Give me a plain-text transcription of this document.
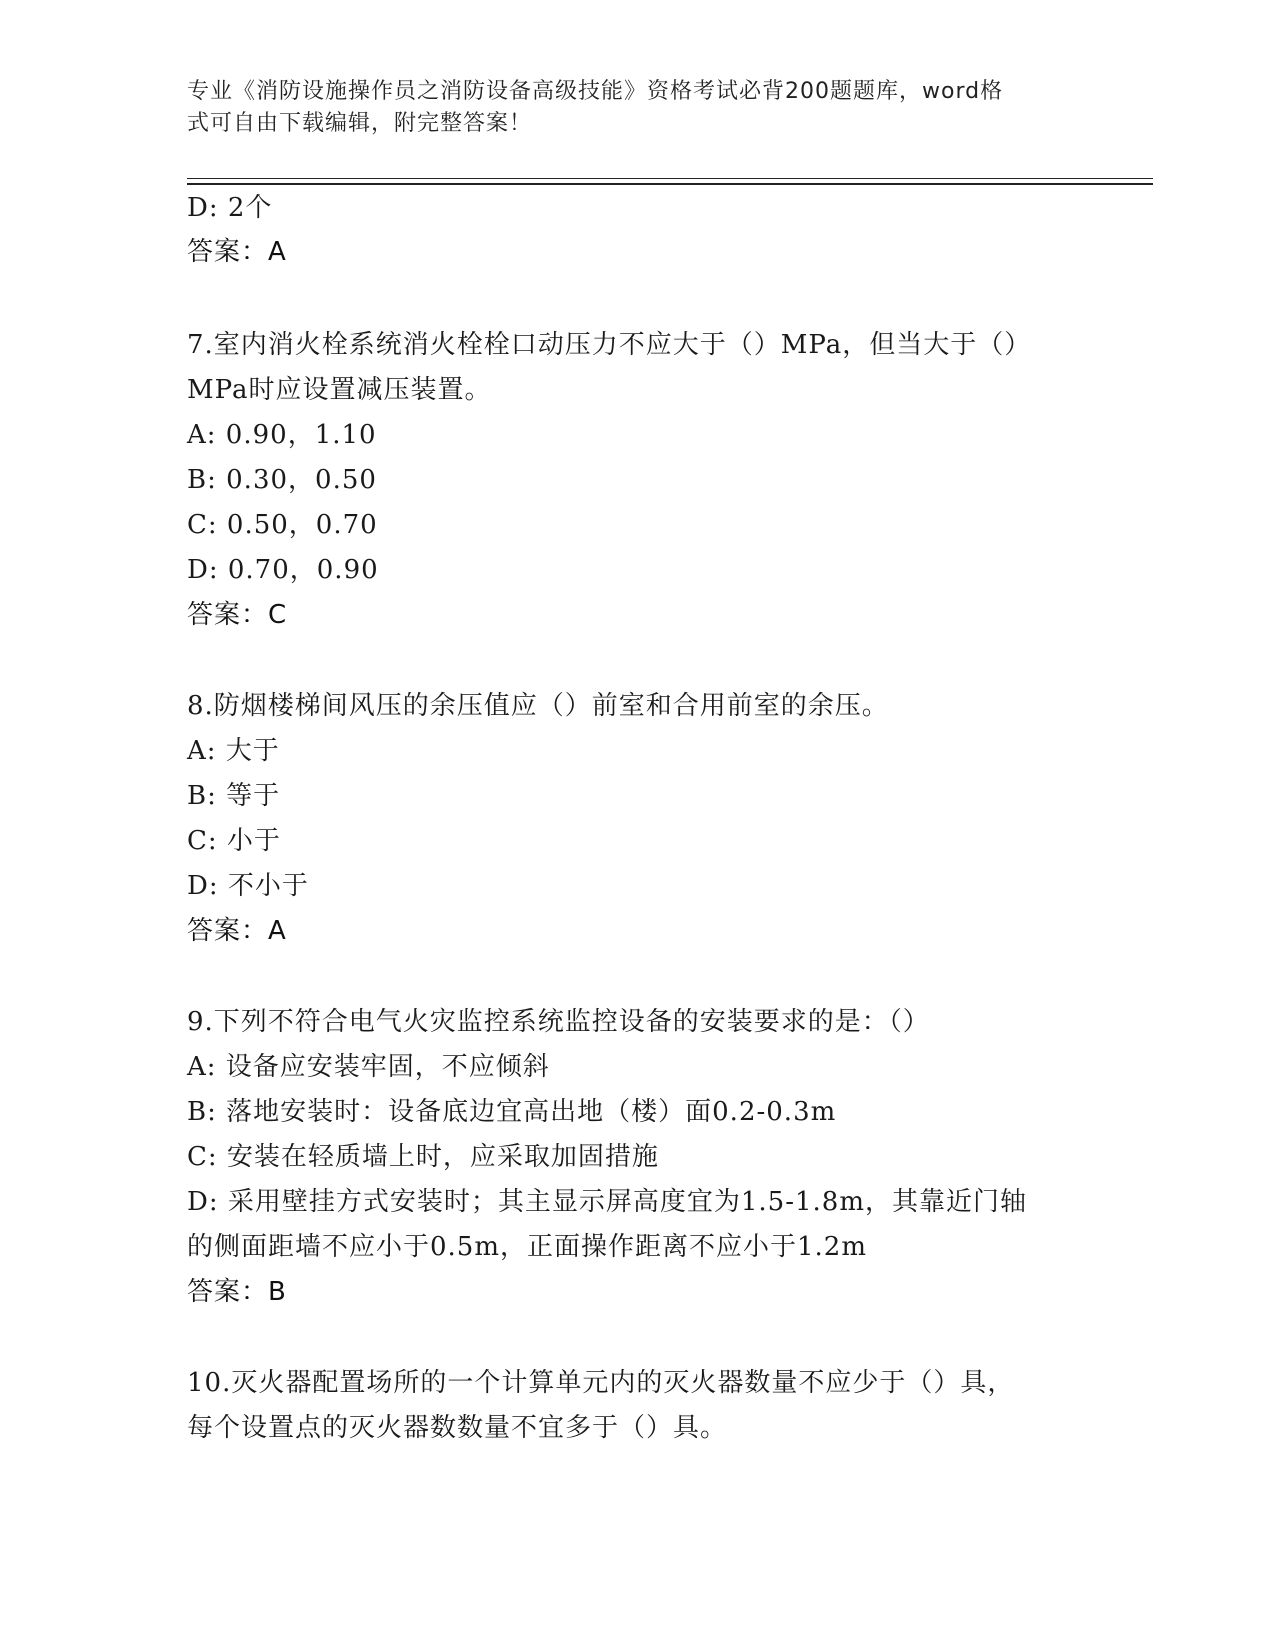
专业《消防设施操作员之消防设备高级技能》资格考试必背200题题库，word格
式可自由下载编辑，附完整答案！
D: 2个
答案：A
7.室内消火栓系统消火栓栓口动压力不应大于（）MPa，但当大于（）
MPa时应设置减压装置。
A: 0.90，1.10
B: 0.30，0.50
C: 0.50，0.70
D: 0.70，0.90
答案：C
8.防烟楼梯间风压的余压值应（）前室和合用前室的余压。
A: 大于
B: 等于
C: 小于
D: 不小于
答案：A
9.下列不符合电气火灾监控系统监控设备的安装要求的是：（）
A: 设备应安装牢固，不应倾斜
B: 落地安装时：设备底边宜高出地（楼）面0.2-0.3m
C: 安装在轻质墙上时，应采取加固措施
D: 采用壁挂方式安装时；其主显示屏高度宜为1.5-1.8m，其靠近门轴
的侧面距墙不应小于0.5m，正面操作距离不应小于1.2m
答案：B
10.灭火器配置场所的一个计算单元内的灭火器数量不应少于（）具，
每个设置点的灭火器数数量不宜多于（）具。
